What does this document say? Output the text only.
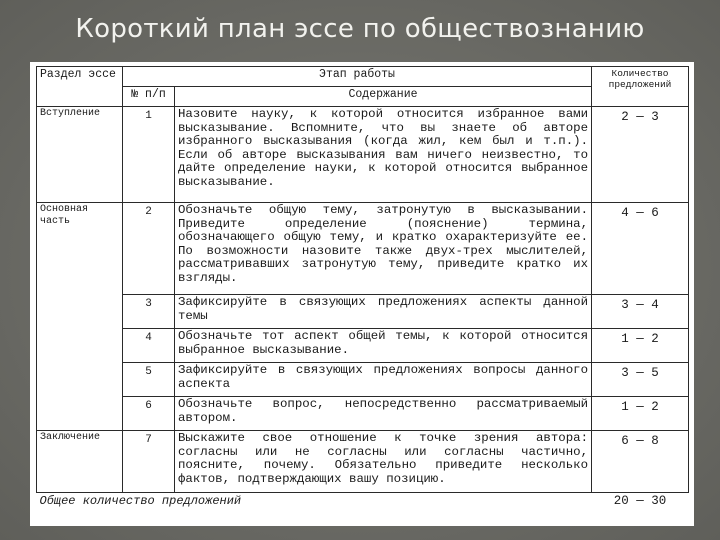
Короткий план эссе по обществознанию
Раздел эссе	Этап работы		Количество предложений
	№ п/п	Содержание	
Вступление	1	Назовите науку, к которой относится избранное вами высказывание. Вспомните, что вы знаете об авторе избранного высказывания (когда жил, кем был и т.п.). Если об авторе высказывания вам ничего неизвестно, то дайте определение науки, к которой относится выбранное высказывание.	2 — 3
Основная часть	2	Обозначьте общую тему, затронутую в высказывании. Приведите определение (пояснение) термина, обозначающего общую тему, и кратко охарактеризуйте ее. По возможности назовите также двух-трех мыслителей, рассматривавших затронутую тему, приведите кратко их взгляды.	4 — 6
	3	Зафиксируйте в связующих предложениях аспекты данной темы	3 — 4
	4	Обозначьте тот аспект общей темы, к которой относится выбранное высказывание.	1 — 2
	5	Зафиксируйте в связующих предложениях вопросы данного аспекта	3 — 5
	6	Обозначьте вопрос, непосредственно рассматриваемый автором.	1 — 2
Заключение	7	Выскажите свое отношение к точке зрения автора: согласны или не согласны или согласны частично, поясните, почему. Обязательно приведите несколько фактов, подтверждающих вашу позицию.	6 — 8
Общее количество предложений			20 — 30
